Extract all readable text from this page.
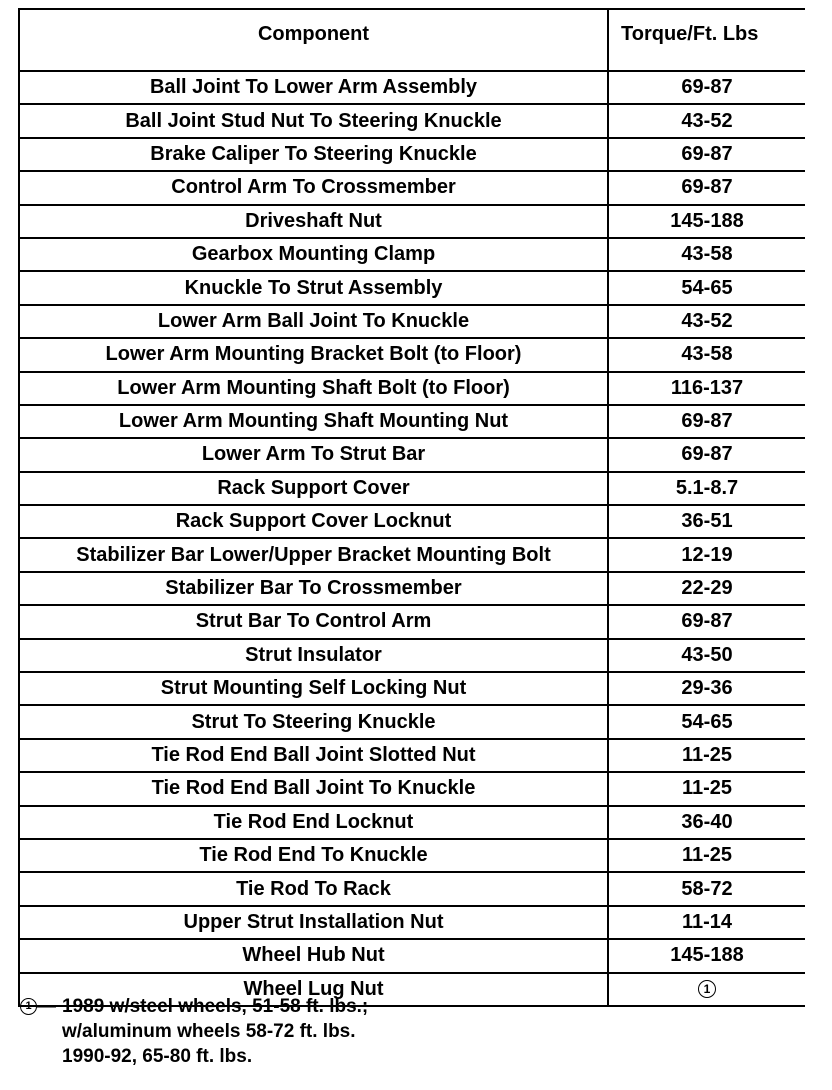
Component	Torque/Ft. Lbs
Ball Joint To Lower Arm Assembly	69-87
Ball Joint Stud Nut To Steering Knuckle	43-52
Brake Caliper To Steering Knuckle	69-87
Control Arm To Crossmember	69-87
Driveshaft Nut	145-188
Gearbox Mounting Clamp	43-58
Knuckle To Strut Assembly	54-65
Lower Arm Ball Joint To Knuckle	43-52
Lower Arm Mounting Bracket Bolt (to Floor)	43-58
Lower Arm Mounting Shaft Bolt (to Floor)	116-137
Lower Arm Mounting Shaft Mounting Nut	69-87
Lower Arm To Strut Bar	69-87
Rack Support Cover	5.1-8.7
Rack Support Cover Locknut	36-51
Stabilizer Bar Lower/Upper Bracket Mounting Bolt	12-19
Stabilizer Bar To Crossmember	22-29
Strut Bar To Control Arm	69-87
Strut Insulator	43-50
Strut Mounting Self Locking Nut	29-36
Strut To Steering Knuckle	54-65
Tie Rod End Ball Joint Slotted Nut	11-25
Tie Rod End Ball Joint To Knuckle	11-25
Tie Rod End Locknut	36-40
Tie Rod End To Knuckle	11-25
Tie Rod To Rack	58-72
Upper Strut Installation Nut	11-14
Wheel Hub Nut	145-188
Wheel Lug Nut	1
1 — 1989 w/steel wheels, 51-58 ft. lbs.;
w/aluminum wheels 58-72 ft. lbs.
1990-92, 65-80 ft. lbs.
